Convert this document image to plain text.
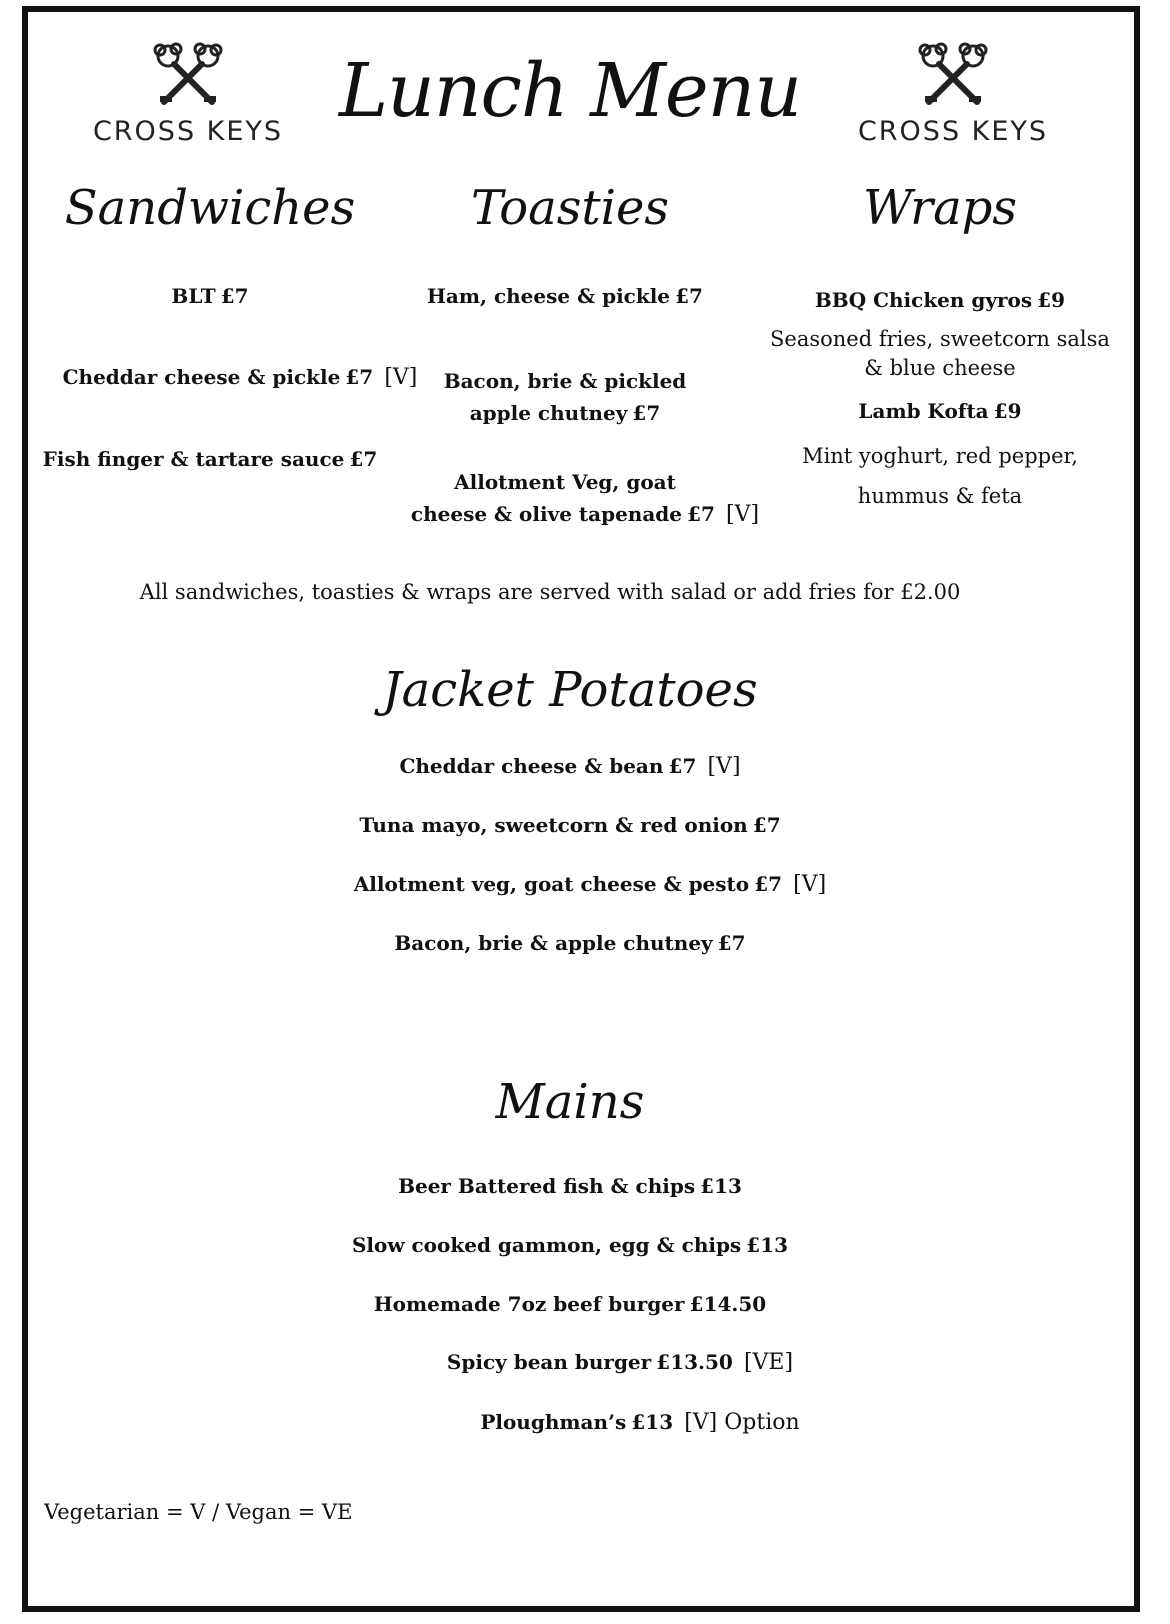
CROSS KEYS	CROSS KEYS
Lunch Menu
Sandwiches
BLT £7
Cheddar cheese & pickle £7 [V]
Fish finger & tartare sauce £7
Toasties
Ham, cheese & pickle £7
Bacon, brie & pickled
apple chutney £7
Allotment Veg, goat
cheese & olive tapenade £7 [V]
Wraps
BBQ Chicken gyros £9
Seasoned fries, sweetcorn salsa
& blue cheese
Lamb Kofta £9
Mint yoghurt, red pepper,
hummus & feta
All sandwiches, toasties & wraps are served with salad or add fries for £2.00
Jacket Potatoes
Cheddar cheese & bean £7 [V]
Tuna mayo, sweetcorn & red onion £7
Allotment veg, goat cheese & pesto £7 [V]
Bacon, brie & apple chutney £7
Mains
Beer Battered fish & chips £13
Slow cooked gammon, egg & chips £13
Homemade 7oz beef burger £14.50
Spicy bean burger £13.50 [VE]
Ploughman’s £13 [V] Option
Vegetarian = V / Vegan = VE
